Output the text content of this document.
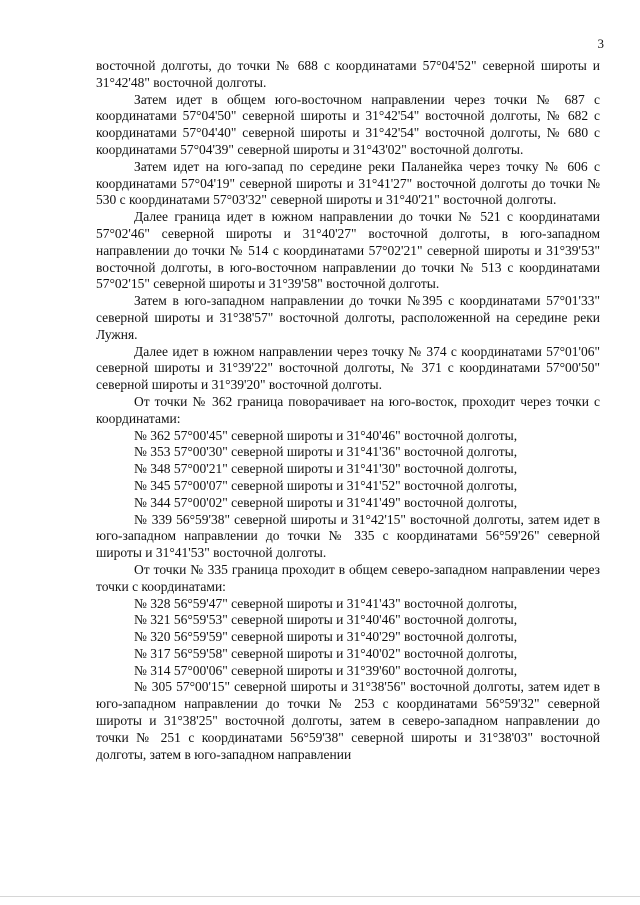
3

восточной долготы, до точки № 688 с координатами 57°04'52" северной широты и 31°42'48" восточной долготы.

Затем идет в общем юго-восточном направлении через точки № 687 с координатами 57°04'50" северной широты и 31°42'54" восточной долготы, № 682 с координатами 57°04'40" северной широты и 31°42'54" восточной долготы, № 680 с координатами 57°04'39" северной широты и 31°43'02" восточной долготы.

Затем идет на юго-запад по середине реки Паланейка через точку № 606 с координатами 57°04'19" северной широты и 31°41'27" восточной долготы до точки № 530 с координатами 57°03'32" северной широты и 31°40'21" восточной долготы.

Далее граница идет в южном направлении до точки № 521 с координатами 57°02'46" северной широты и 31°40'27" восточной долготы, в юго-западном направлении до точки № 514 с координатами 57°02'21" северной широты и 31°39'53" восточной долготы, в юго-восточном направлении до точки № 513 с координатами 57°02'15" северной широты и 31°39'58" восточной долготы.

Затем в юго-западном направлении до точки №395 с координатами 57°01'33" северной широты и 31°38'57" восточной долготы, расположенной на середине реки Лужня.

Далее идет в южном направлении через точку № 374 с координатами 57°01'06" северной широты и 31°39'22" восточной долготы, № 371 с координатами 57°00'50" северной широты и 31°39'20" восточной долготы.

От точки № 362 граница поворачивает на юго-восток, проходит через точки с координатами:

№ 362 57°00'45" северной широты и 31°40'46" восточной долготы,

№ 353 57°00'30" северной широты и 31°41'36" восточной долготы,

№ 348 57°00'21" северной широты и 31°41'30" восточной долготы,

№ 345 57°00'07" северной широты и 31°41'52" восточной долготы,

№ 344 57°00'02" северной широты и 31°41'49" восточной долготы,

№ 339 56°59'38" северной широты и 31°42'15" восточной долготы, затем идет в юго-западном направлении до точки № 335 с координатами 56°59'26" северной широты и 31°41'53" восточной долготы.

От точки № 335 граница проходит в общем северо-западном направлении через точки с координатами:

№ 328 56°59'47" северной широты и 31°41'43" восточной долготы,

№ 321 56°59'53" северной широты и 31°40'46" восточной долготы,

№ 320 56°59'59" северной широты и 31°40'29" восточной долготы,

№ 317 56°59'58" северной широты и 31°40'02" восточной долготы,

№ 314 57°00'06" северной широты и 31°39'60" восточной долготы,

№ 305 57°00'15" северной широты и 31°38'56" восточной долготы, затем идет в юго-западном направлении до точки № 253 с координатами 56°59'32" северной широты и 31°38'25" восточной долготы, затем в северо-западном направлении до точки № 251 с координатами 56°59'38" северной широты и 31°38'03" восточной долготы, затем в юго-западном направлении
